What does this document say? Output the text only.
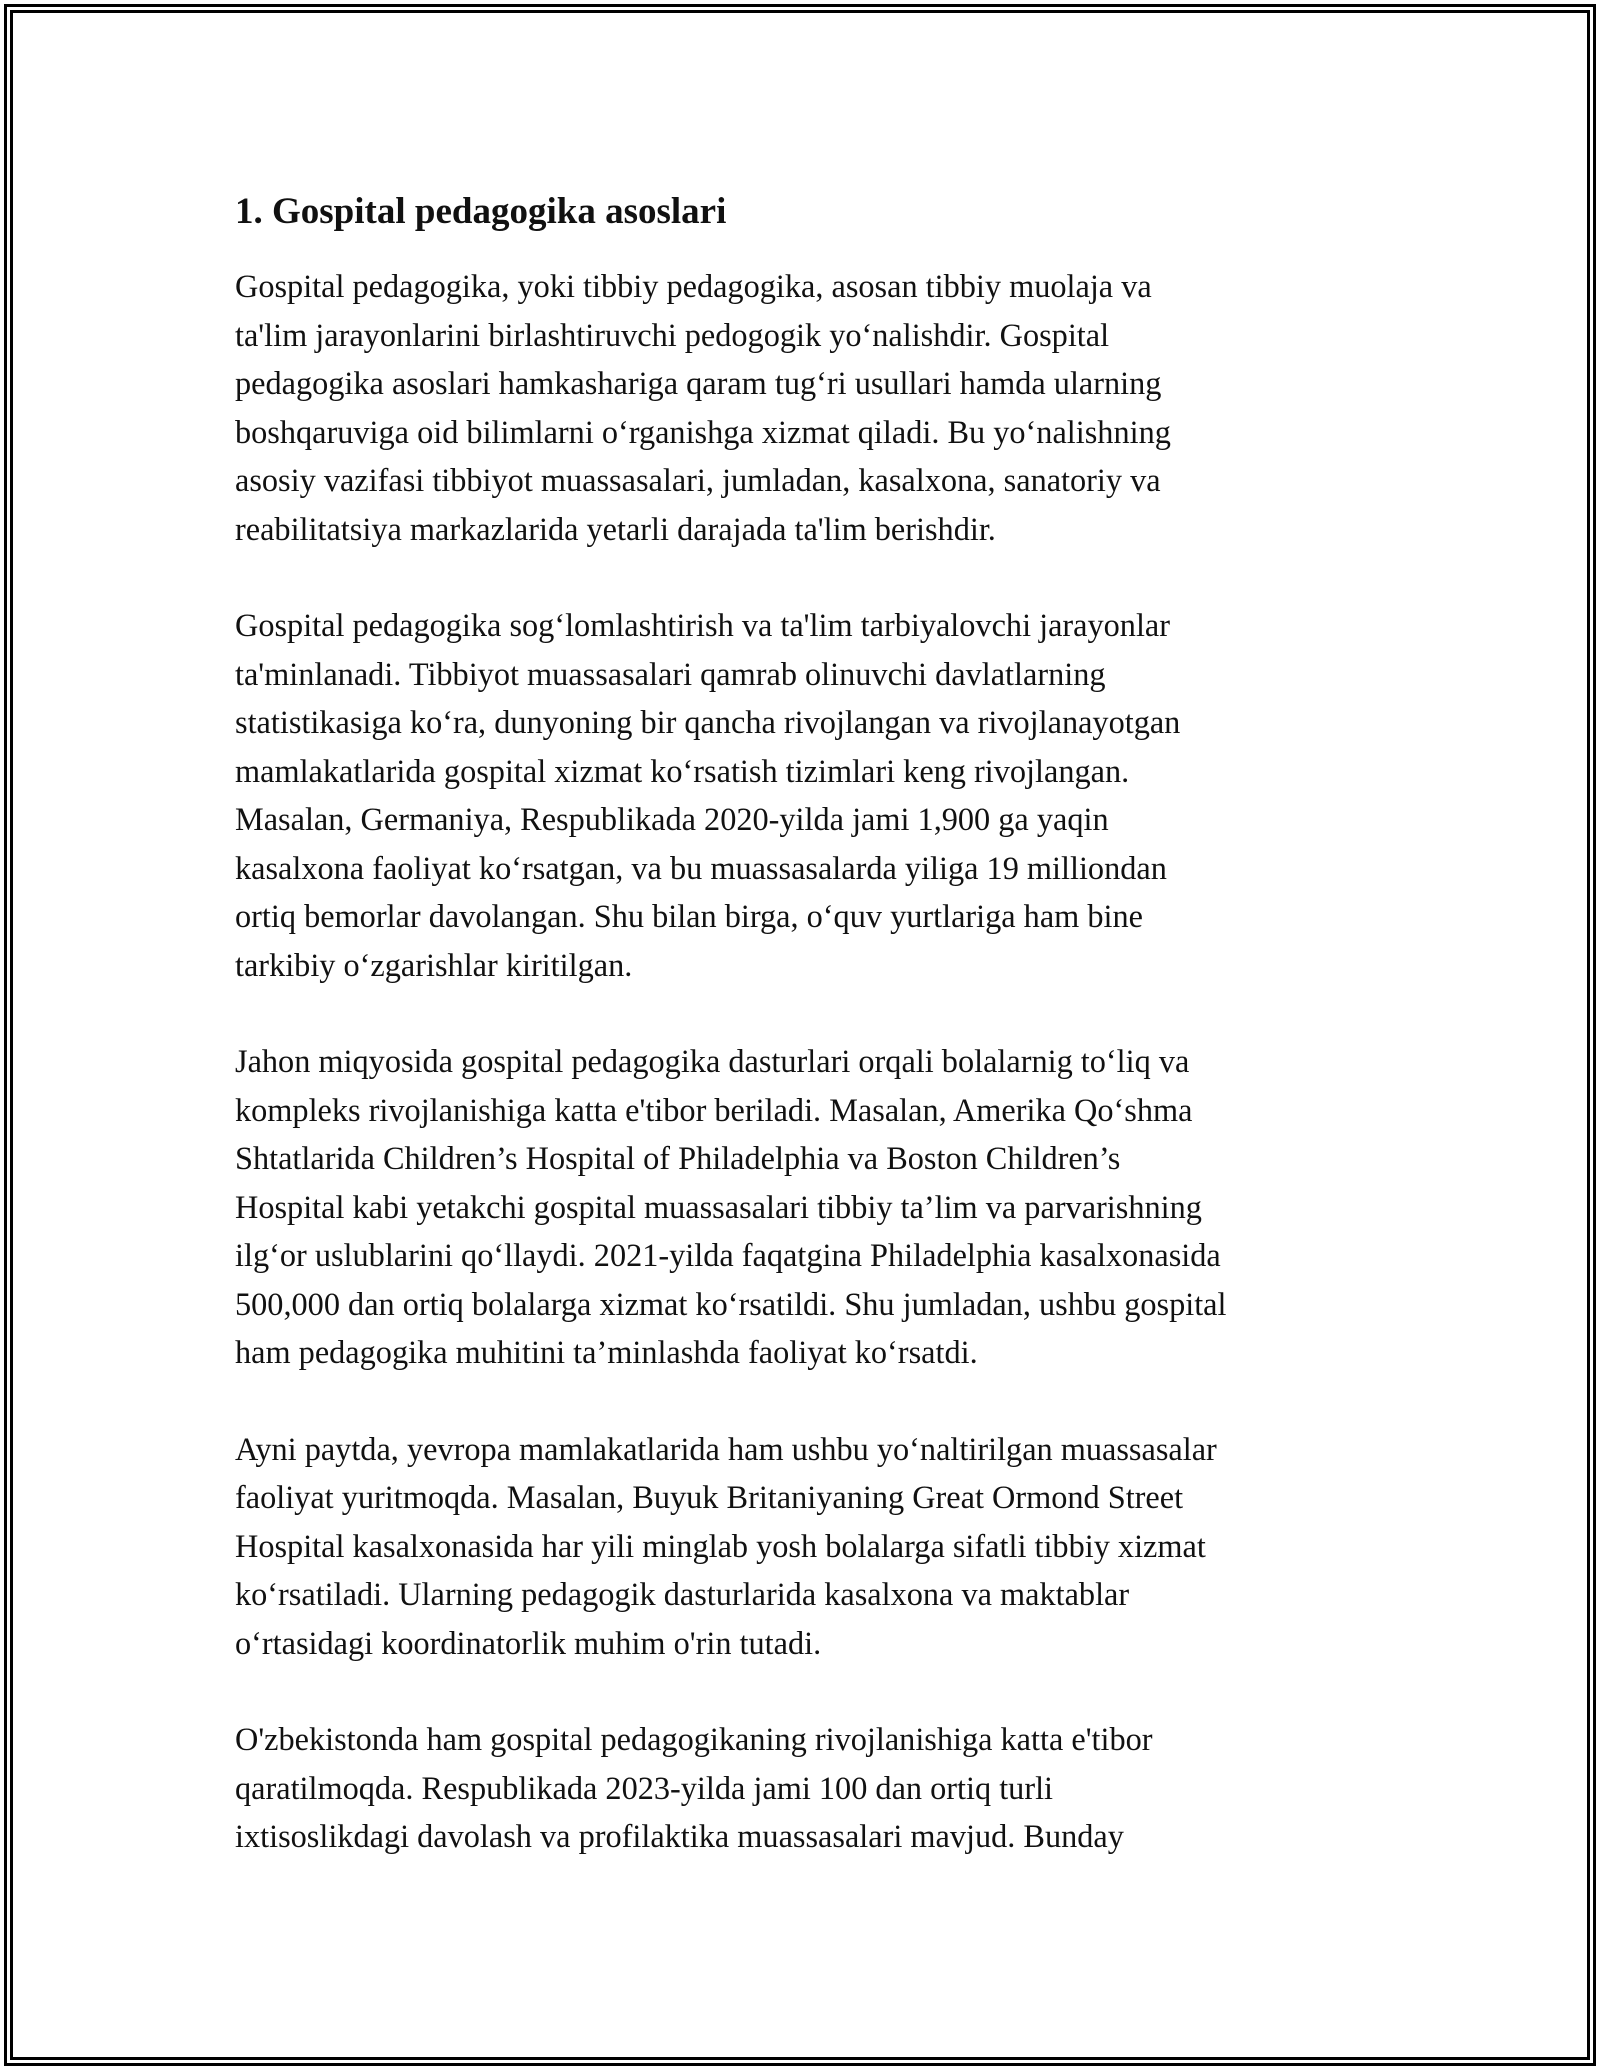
1. Gospital pedagogika asoslari
Gospital pedagogika, yoki tibbiy pedagogika, asosan tibbiy muolaja va
ta'lim jarayonlarini birlashtiruvchi pedogogik yo‘nalishdir. Gospital
pedagogika asoslari hamkashariga qaram tug‘ri usullari hamda ularning
boshqaruviga oid bilimlarni o‘rganishga xizmat qiladi. Bu yo‘nalishning
asosiy vazifasi tibbiyot muassasalari, jumladan, kasalxona, sanatoriy va
reabilitatsiya markazlarida yetarli darajada ta'lim berishdir.
Gospital pedagogika sog‘lomlashtirish va ta'lim tarbiyalovchi jarayonlar
ta'minlanadi. Tibbiyot muassasalari qamrab olinuvchi davlatlarning
statistikasiga ko‘ra, dunyoning bir qancha rivojlangan va rivojlanayotgan
mamlakatlarida gospital xizmat ko‘rsatish tizimlari keng rivojlangan.
Masalan, Germaniya, Respublikada 2020-yilda jami 1,900 ga yaqin
kasalxona faoliyat ko‘rsatgan, va bu muassasalarda yiliga 19 milliondan
ortiq bemorlar davolangan. Shu bilan birga, o‘quv yurtlariga ham bine
tarkibiy o‘zgarishlar kiritilgan.
Jahon miqyosida gospital pedagogika dasturlari orqali bolalarnig to‘liq va
kompleks rivojlanishiga katta e'tibor beriladi. Masalan, Amerika Qo‘shma
Shtatlarida Children’s Hospital of Philadelphia va Boston Children’s
Hospital kabi yetakchi gospital muassasalari tibbiy ta’lim va parvarishning
ilg‘or uslublarini qo‘llaydi. 2021-yilda faqatgina Philadelphia kasalxonasida
500,000 dan ortiq bolalarga xizmat ko‘rsatildi. Shu jumladan, ushbu gospital
ham pedagogika muhitini ta’minlashda faoliyat ko‘rsatdi.
Ayni paytda, yevropa mamlakatlarida ham ushbu yo‘naltirilgan muassasalar
faoliyat yuritmoqda. Masalan, Buyuk Britaniyaning Great Ormond Street
Hospital kasalxonasida har yili minglab yosh bolalarga sifatli tibbiy xizmat
ko‘rsatiladi. Ularning pedagogik dasturlarida kasalxona va maktablar
o‘rtasidagi koordinatorlik muhim o'rin tutadi.
O'zbekistonda ham gospital pedagogikaning rivojlanishiga katta e'tibor
qaratilmoqda. Respublikada 2023-yilda jami 100 dan ortiq turli
ixtisoslikdagi davolash va profilaktika muassasalari mavjud. Bunday
